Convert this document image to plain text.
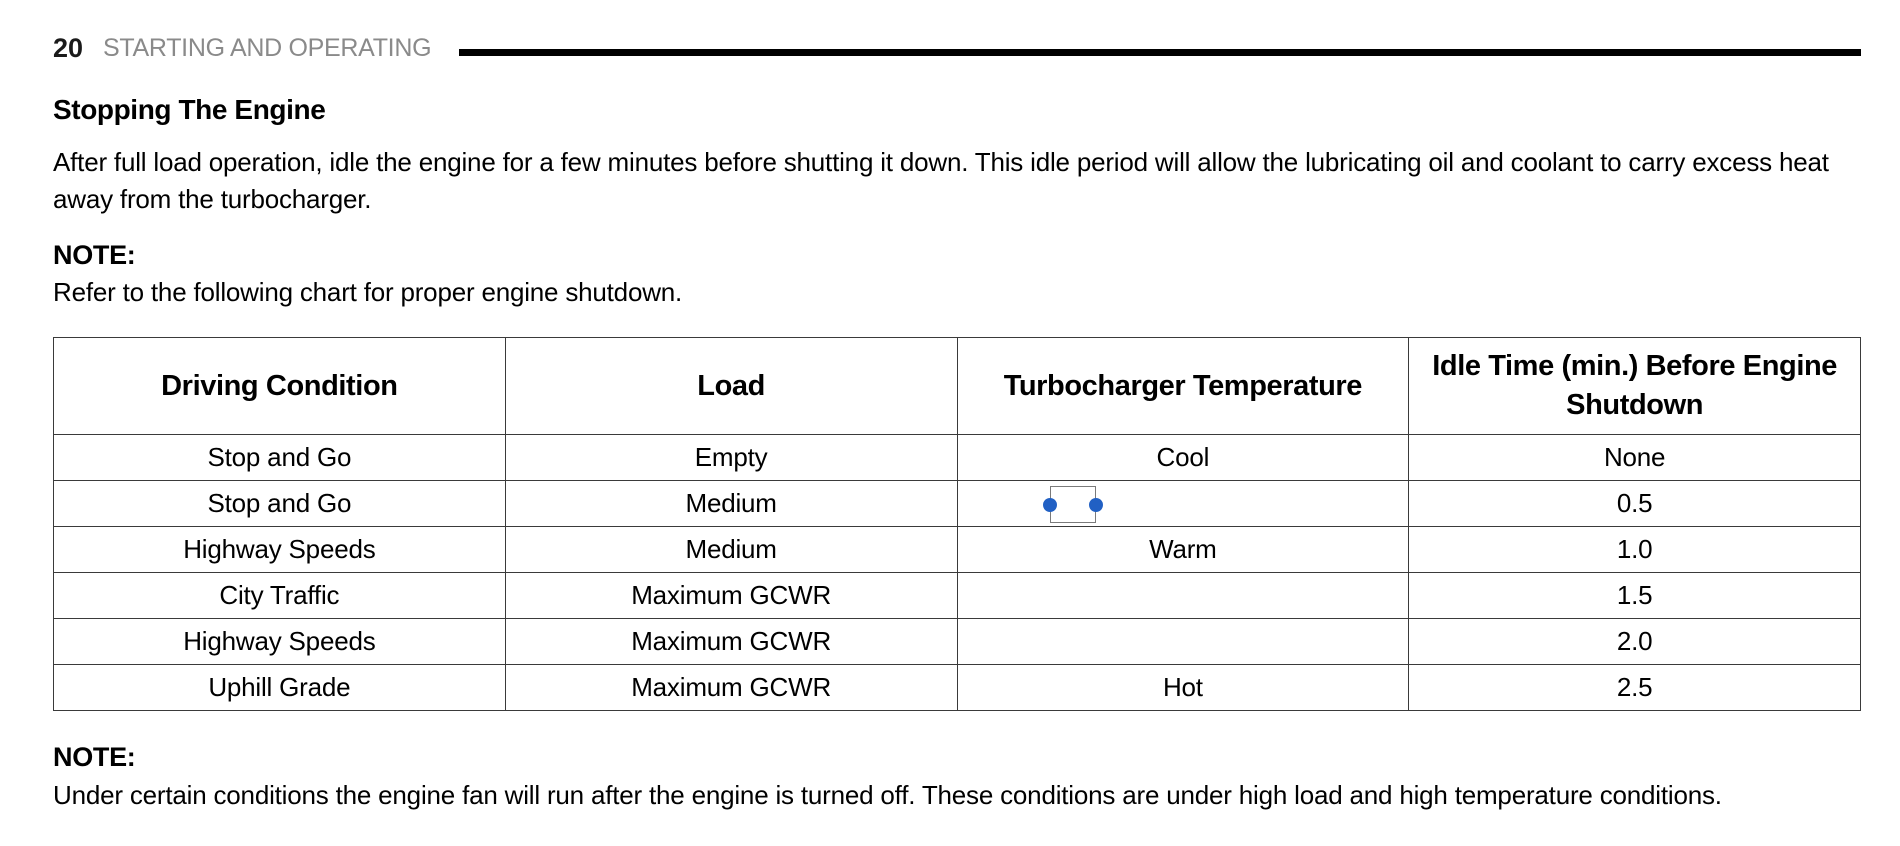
20 STARTING AND OPERATING
Stopping The Engine
After full load operation, idle the engine for a few minutes before shutting it down. This idle period will allow the lubricating oil and coolant to carry excess heat away from the turbocharger.
NOTE:
Refer to the following chart for proper engine shutdown.
Driving Condition	Load	Turbocharger Temperature	Idle Time (min.) Before Engine Shutdown
Stop and Go	Empty	Cool	None
Stop and Go	Medium		0.5
Highway Speeds	Medium	Warm	1.0
City Traffic	Maximum GCWR		1.5
Highway Speeds	Maximum GCWR		2.0
Uphill Grade	Maximum GCWR	Hot	2.5
NOTE:
Under certain conditions the engine fan will run after the engine is turned off. These conditions are under high load and high temperature conditions.
